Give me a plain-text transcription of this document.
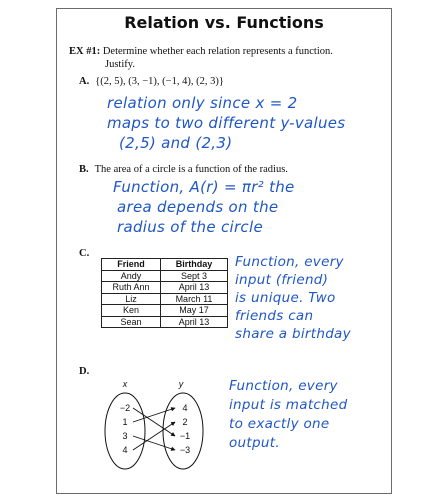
Relation vs. Functions
EX #1: Determine whether each relation represents a function.
Justify.
A. {(2, 5), (3, −1), (−1, 4), (2, 3)}
relation only since x = 2
maps to two different y-values
(2,5) and (2,3)
B. The area of a circle is a function of the radius.
Function, A(r) = πr² the
area depends on the
radius of the circle
C.
Friend	Birthday
Andy	Sept 3
Ruth Ann	April 13
Liz	March 11
Ken	May 17
Sean	April 13
Function, every
input (friend)
is unique. Two
friends can
share a birthday
D.
x	y
−2
1
3
4
4
2
−1
−3
Function, every
input is matched
to exactly one
output.
